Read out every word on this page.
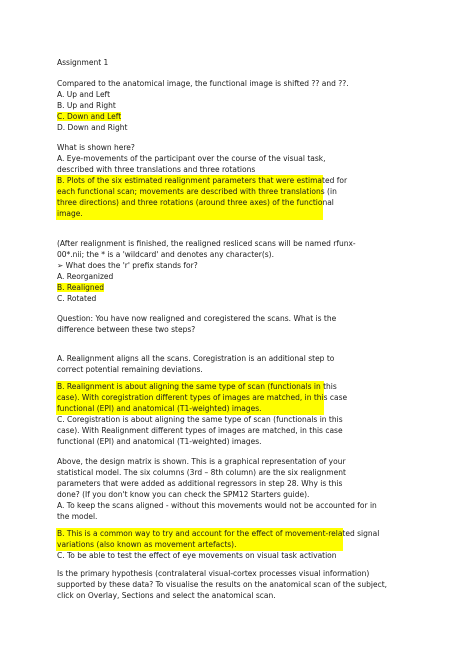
Assignment 1
Compared to the anatomical image, the functional image is shifted ?? and ??.
A. Up and Left
B. Up and Right
C. Down and Left
D. Down and Right
What is shown here?
A. Eye-movements of the participant over the course of the visual task,
described with three translations and three rotations
B. Plots of the six estimated realignment parameters that were estimated for
each functional scan; movements are described with three translations (in
three directions) and three rotations (around three axes) of the functional
image.
(After realignment is finished, the realigned resliced scans will be named rfunx-
00*.nii; the * is a 'wildcard' and denotes any character(s).
➢ What does the 'r' prefix stands for?
A. Reorganized
B. Realigned
C. Rotated
Question: You have now realigned and coregistered the scans. What is the
difference between these two steps?
A. Realignment aligns all the scans. Coregistration is an additional step to
correct potential remaining deviations.
B. Realignment is about aligning the same type of scan (functionals in this
case). With coregistration different types of images are matched, in this case
functional (EPI) and anatomical (T1-weighted) images.
C. Coregistration is about aligning the same type of scan (functionals in this
case). With Realignment different types of images are matched, in this case
functional (EPI) and anatomical (T1-weighted) images.
Above, the design matrix is shown. This is a graphical representation of your
statistical model. The six columns (3rd – 8th column) are the six realignment
parameters that were added as additional regressors in step 28. Why is this
done? (If you don't know you can check the SPM12 Starters guide).
A. To keep the scans aligned - without this movements would not be accounted for in
the model.
B. This is a common way to try and account for the effect of movement-related signal
variations (also known as movement artefacts).
C. To be able to test the effect of eye movements on visual task activation
Is the primary hypothesis (contralateral visual-cortex processes visual information)
supported by these data? To visualise the results on the anatomical scan of the subject,
click on Overlay, Sections and select the anatomical scan.
